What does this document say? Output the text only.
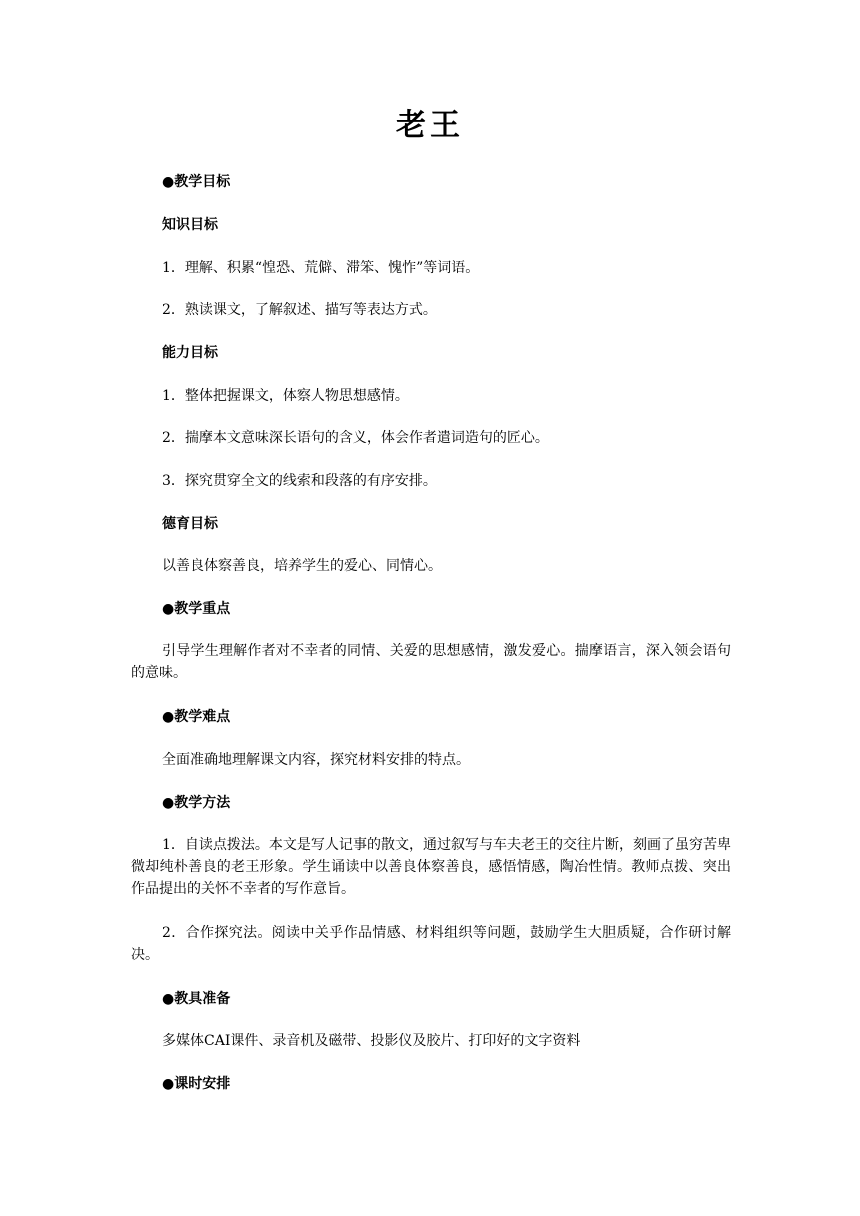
老王
●教学目标
知识目标
1．理解、积累“惶恐、荒僻、滞笨、愧怍”等词语。
2．熟读课文，了解叙述、描写等表达方式。
能力目标
1．整体把握课文，体察人物思想感情。
2．揣摩本文意味深长语句的含义，体会作者遣词造句的匠心。
3．探究贯穿全文的线索和段落的有序安排。
德育目标
以善良体察善良，培养学生的爱心、同情心。
●教学重点
引导学生理解作者对不幸者的同情、关爱的思想感情，激发爱心。揣摩语言，深入领会语句的意味。
●教学难点
全面准确地理解课文内容，探究材料安排的特点。
●教学方法
1．自读点拨法。本文是写人记事的散文，通过叙写与车夫老王的交往片断，刻画了虽穷苦卑微却纯朴善良的老王形象。学生诵读中以善良体察善良，感悟情感，陶冶性情。教师点拨、突出作品提出的关怀不幸者的写作意旨。
2．合作探究法。阅读中关乎作品情感、材料组织等问题，鼓励学生大胆质疑，合作研讨解决。
●教具准备
多媒体CAI课件、录音机及磁带、投影仪及胶片、打印好的文字资料
●课时安排
